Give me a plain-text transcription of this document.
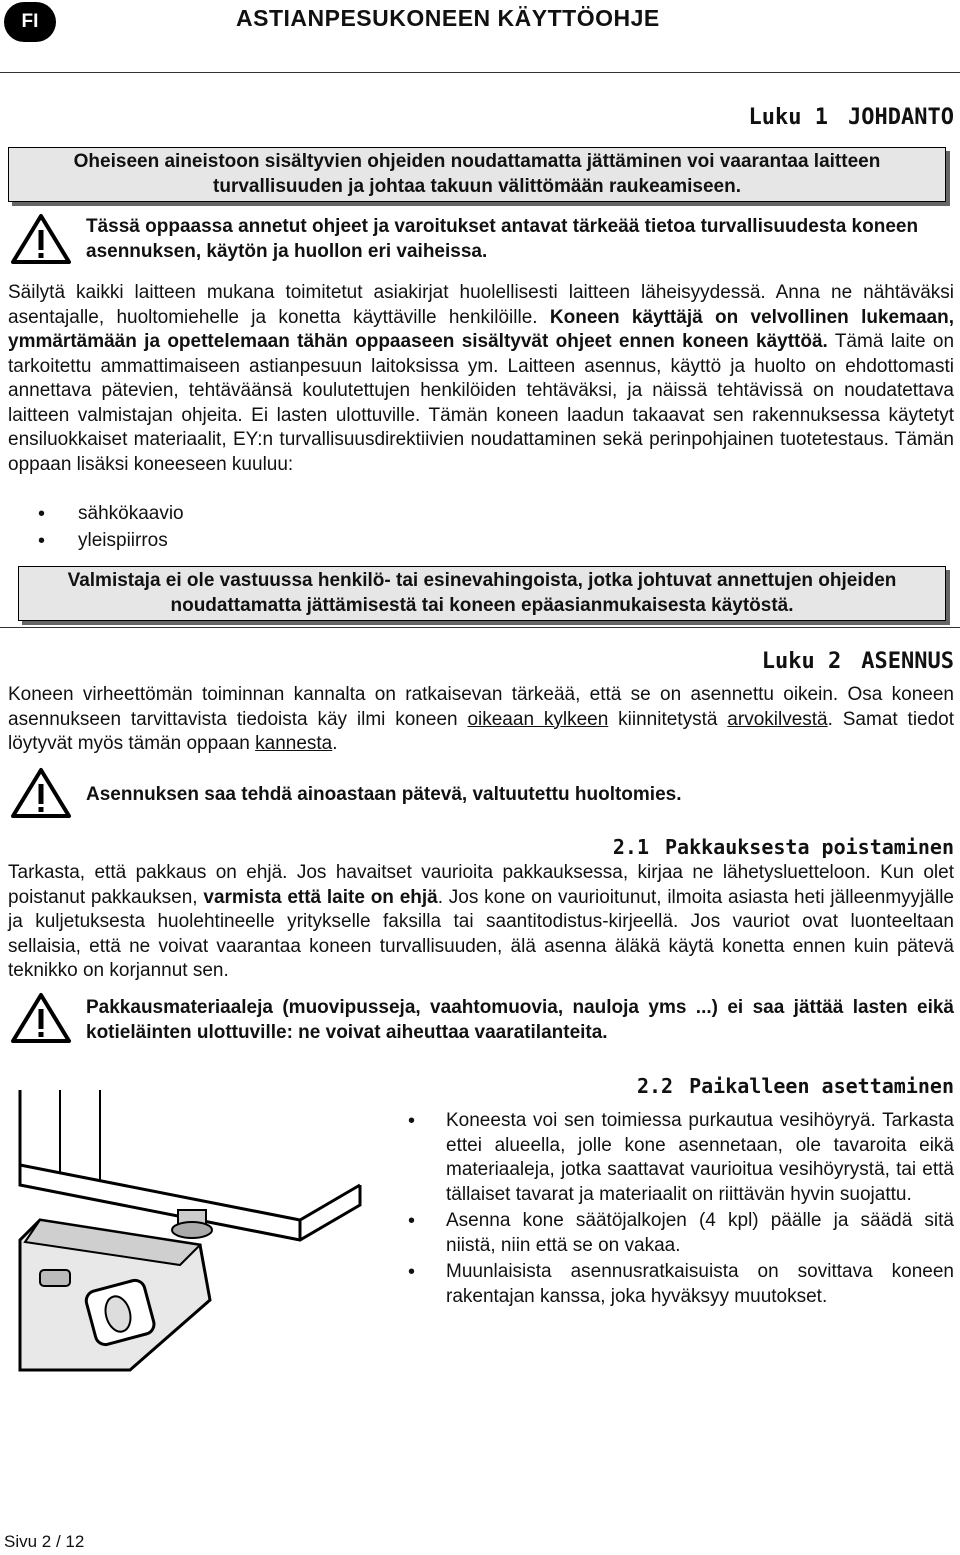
FI	ASTIANPESUKONEEN KÄYTTÖOHJE
Luku 1 JOHDANTO
Oheiseen aineistoon sisältyvien ohjeiden noudattamatta jättäminen voi vaarantaa laitteen turvallisuuden ja johtaa takuun välittömään raukeamiseen.
Tässä oppaassa annetut ohjeet ja varoitukset antavat tärkeää tietoa turvallisuudesta koneen asennuksen, käytön ja huollon eri vaiheissa.
Säilytä kaikki laitteen mukana toimitetut asiakirjat huolellisesti laitteen läheisyydessä. Anna ne nähtäväksi asentajalle, huoltomiehelle ja konetta käyttäville henkilöille. Koneen käyttäjä on velvollinen lukemaan, ymmärtämään ja opettelemaan tähän oppaaseen sisältyvät ohjeet ennen koneen käyttöä. Tämä laite on tarkoitettu ammattimaiseen astianpesuun laitoksissa ym. Laitteen asennus, käyttö ja huolto on ehdottomasti annettava pätevien, tehtäväänsä koulutettujen henkilöiden tehtäväksi, ja näissä tehtävissä on noudatettava laitteen valmistajan ohjeita. Ei lasten ulottuville. Tämän koneen laadun takaavat sen rakennuksessa käytetyt ensiluokkaiset materiaalit, EY:n turvallisuusdirektiivien noudattaminen sekä perinpohjainen tuotetestaus. Tämän oppaan lisäksi koneeseen kuuluu:
• sähkökaavio
• yleispiirros
Valmistaja ei ole vastuussa henkilö- tai esinevahingoista, jotka johtuvat annettujen ohjeiden noudattamatta jättämisestä tai koneen epäasianmukaisesta käytöstä.
Luku 2 ASENNUS
Koneen virheettömän toiminnan kannalta on ratkaisevan tärkeää, että se on asennettu oikein. Osa koneen asennukseen tarvittavista tiedoista käy ilmi koneen oikeaan kylkeen kiinnitetystä arvokilvestä. Samat tiedot löytyvät myös tämän oppaan kannesta.
Asennuksen saa tehdä ainoastaan pätevä, valtuutettu huoltomies.
2.1 Pakkauksesta poistaminen
Tarkasta, että pakkaus on ehjä. Jos havaitset vaurioita pakkauksessa, kirjaa ne lähetysluetteloon. Kun olet poistanut pakkauksen, varmista että laite on ehjä. Jos kone on vaurioitunut, ilmoita asiasta heti jälleenmyyjälle ja kuljetuksesta huolehtineelle yritykselle faksilla tai saantitodistus-kirjeellä. Jos vauriot ovat luonteeltaan sellaisia, että ne voivat vaarantaa koneen turvallisuuden, älä asenna äläkä käytä konetta ennen kuin pätevä teknikko on korjannut sen.
Pakkausmateriaaleja (muovipusseja, vaahtomuovia, nauloja yms ...) ei saa jättää lasten eikä kotieläinten ulottuville: ne voivat aiheuttaa vaaratilanteita.
2.2 Paikalleen asettaminen
• Koneesta voi sen toimiessa purkautua vesihöyryä. Tarkasta ettei alueella, jolle kone asennetaan, ole tavaroita eikä materiaaleja, jotka saattavat vaurioitua vesihöyrystä, tai että tällaiset tavarat ja materiaalit on riittävän hyvin suojattu.
• Asenna kone säätöjalkojen (4 kpl) päälle ja säädä sitä niistä, niin että se on vakaa.
• Muunlaisista asennusratkaisuista on sovittava koneen rakentajan kanssa, joka hyväksyy muutokset.
Sivu 2 / 12
